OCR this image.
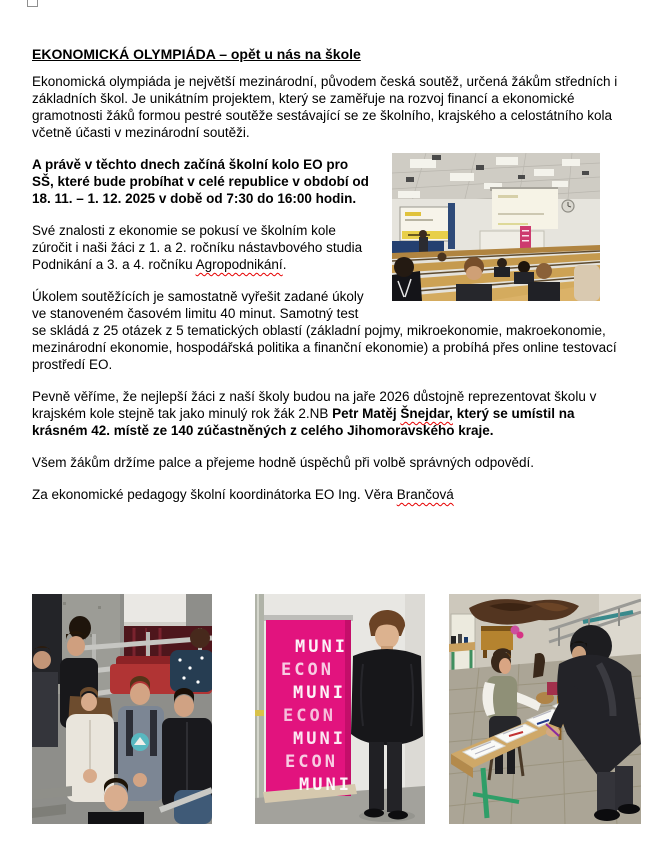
EKONOMICKÁ OLYMPIÁDA – opět u nás na škole

Ekonomická olympiáda je největší mezinárodní, původem česká soutěž, určená žákům středních i základních škol. Je unikátním projektem, který se zaměřuje na rozvoj financí a ekonomické gramotnosti žáků formou pestré soutěže sestávající se ze školního, krajského a celostátního kola včetně účasti v mezinárodní soutěži.

A právě v těchto dnech začíná školní kolo EO pro SŠ, které bude probíhat v celé republice v období od      18. 11. – 1. 12. 2025 v době od 7:30 do 16:00 hodin.

Své znalosti z ekonomie se pokusí ve školním kole zúročit i naši žáci z 1. a 2. ročníku nástavbového studia Podnikání a 3. a 4. ročníku Agropodnikání.

Úkolem soutěžících je samostatně vyřešit zadané úkoly ve stanoveném časovém limitu 40 minut. Samotný test se skládá z 25 otázek z 5 tematických oblastí (základní pojmy, mikroekonomie, makroekonomie, mezinárodní ekonomie, hospodářská politika a finanční ekonomie) a probíhá přes online testovací prostředí EO.

Pevně věříme, že nejlepší žáci z naší školy budou na jaře 2026 důstojně reprezentovat školu v krajském kole stejně tak jako minulý rok žák 2.NB Petr Matěj Šnejdar, který se umístil na krásném 42. místě ze 140 zúčastněných z celého Jihomoravského kraje.

Všem žákům držíme palce a přejeme hodně úspěchů při volbě správných odpovědí.

Za ekonomické pedagogy školní koordinátorka EO Ing. Věra Brančová

MUNI
ECON
MUNI
ECON
MUNI
ECON
MUNI
